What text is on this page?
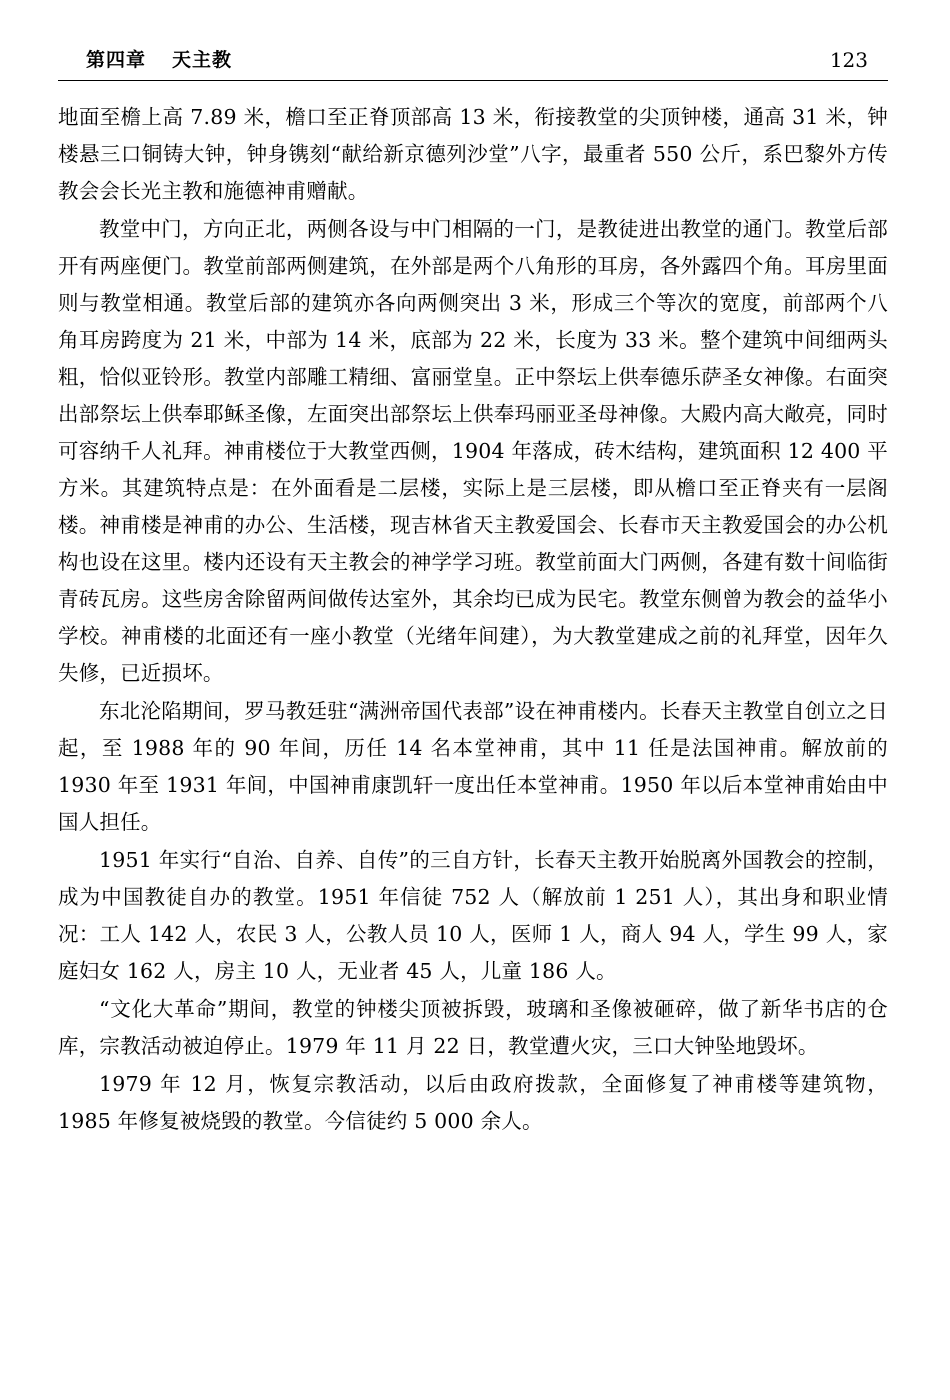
第四章 天主教	123

地面至檐上高 7.89 米，檐口至正脊顶部高 13 米，衔接教堂的尖顶钟楼，通高 31 米，钟楼悬三口铜铸大钟，钟身镌刻“献给新京德列沙堂”八字，最重者 550 公斤，系巴黎外方传教会会长光主教和施德神甫赠献。

教堂中门，方向正北，两侧各设与中门相隔的一门，是教徒进出教堂的通门。教堂后部开有两座便门。教堂前部两侧建筑，在外部是两个八角形的耳房，各外露四个角。耳房里面则与教堂相通。教堂后部的建筑亦各向两侧突出 3 米，形成三个等次的宽度，前部两个八角耳房跨度为 21 米，中部为 14 米，底部为 22 米，长度为 33 米。整个建筑中间细两头粗，恰似亚铃形。教堂内部雕工精细、富丽堂皇。正中祭坛上供奉德乐萨圣女神像。右面突出部祭坛上供奉耶稣圣像，左面突出部祭坛上供奉玛丽亚圣母神像。大殿内高大敞亮，同时可容纳千人礼拜。神甫楼位于大教堂西侧，1904 年落成，砖木结构，建筑面积 12 400 平方米。其建筑特点是：在外面看是二层楼，实际上是三层楼，即从檐口至正脊夹有一层阁楼。神甫楼是神甫的办公、生活楼，现吉林省天主教爱国会、长春市天主教爱国会的办公机构也设在这里。楼内还设有天主教会的神学学习班。教堂前面大门两侧，各建有数十间临街青砖瓦房。这些房舍除留两间做传达室外，其余均已成为民宅。教堂东侧曾为教会的益华小学校。神甫楼的北面还有一座小教堂（光绪年间建），为大教堂建成之前的礼拜堂，因年久失修，已近损坏。

东北沦陷期间，罗马教廷驻“满洲帝国代表部”设在神甫楼内。长春天主教堂自创立之日起，至 1988 年的 90 年间，历任 14 名本堂神甫，其中 11 任是法国神甫。解放前的 1930 年至 1931 年间，中国神甫康凯轩一度出任本堂神甫。1950 年以后本堂神甫始由中国人担任。

1951 年实行“自治、自养、自传”的三自方针，长春天主教开始脱离外国教会的控制，成为中国教徒自办的教堂。1951 年信徒 752 人（解放前 1 251 人），其出身和职业情况：工人 142 人，农民 3 人，公教人员 10 人，医师 1 人，商人 94 人，学生 99 人，家庭妇女 162 人，房主 10 人，无业者 45 人，儿童 186 人。

“文化大革命”期间，教堂的钟楼尖顶被拆毁，玻璃和圣像被砸碎，做了新华书店的仓库，宗教活动被迫停止。1979 年 11 月 22 日，教堂遭火灾，三口大钟坠地毁坏。

1979 年 12 月，恢复宗教活动，以后由政府拨款，全面修复了神甫楼等建筑物，1985 年修复被烧毁的教堂。今信徒约 5 000 余人。
